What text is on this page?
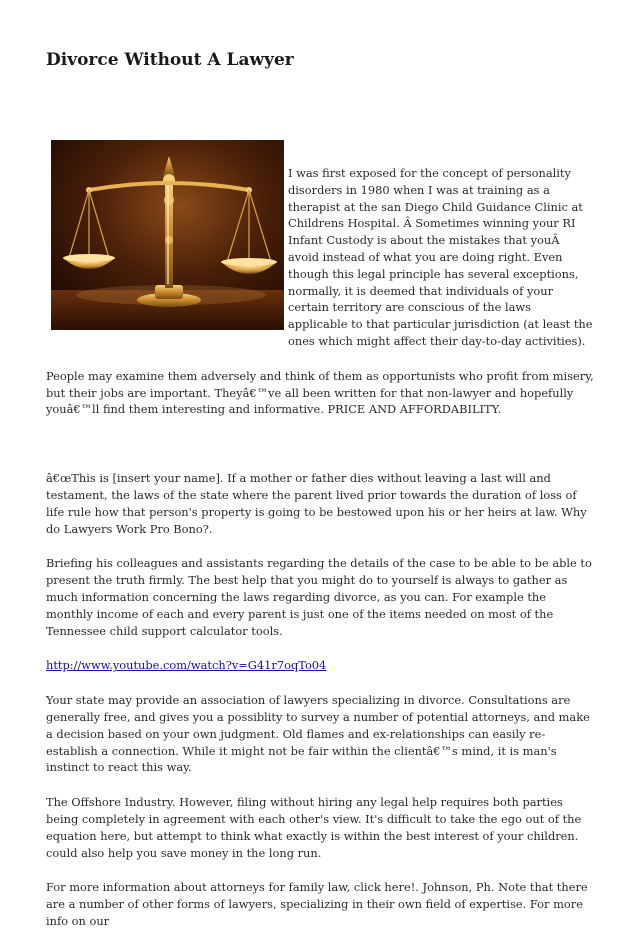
Divorce Without A Lawyer

I was first exposed for the concept of personality disorders in 1980 when I was at training as a therapist at the san Diego Child Guidance Clinic at Childrens Hospital. Â Sometimes winning your RI Infant Custody is about the mistakes that youÂ avoid instead of what you are doing right. Even though this legal principle has several exceptions, normally, it is deemed that individuals of your certain territory are conscious of the laws applicable to that particular jurisdiction (at least the ones which might affect their day-to-day activities).

People may examine them adversely and think of them as opportunists who profit from misery, but their jobs are important. Theyâ€™ve all been written for that non-lawyer and hopefully youâ€™ll find them interesting and informative. PRICE AND AFFORDABILITY.

â€œThis is [insert your name]. If a mother or father dies without leaving a last will and testament, the laws of the state where the parent lived prior towards the duration of loss of life rule how that person's property is going to be bestowed upon his or her heirs at law. Why do Lawyers Work Pro Bono?.

Briefing his colleagues and assistants regarding the details of the case to be able to be able to present the truth firmly. The best help that you might do to yourself is always to gather as much information concerning the laws regarding divorce, as you can. For example the monthly income of each and every parent is just one of the items needed on most of the Tennessee child support calculator tools.

http://www.youtube.com/watch?v=G41r7oqTo04

Your state may provide an association of lawyers specializing in divorce. Consultations are generally free, and gives you a possiblity to survey a number of potential attorneys, and make a decision based on your own judgment. Old flames and ex-relationships can easily re-establish a connection. While it might not be fair within the clientâ€™s mind, it is man's instinct to react this way.

The Offshore Industry. However, filing without hiring any legal help requires both parties being completely in agreement with each other's view. It's difficult to take the ego out of the equation here, but attempt to think what exactly is within the best interest of your children. could also help you save money in the long run.

For more information about attorneys for family law, click here!. Johnson, Ph. Note that there are a number of other forms of lawyers, specializing in their own field of expertise. For more info on our
